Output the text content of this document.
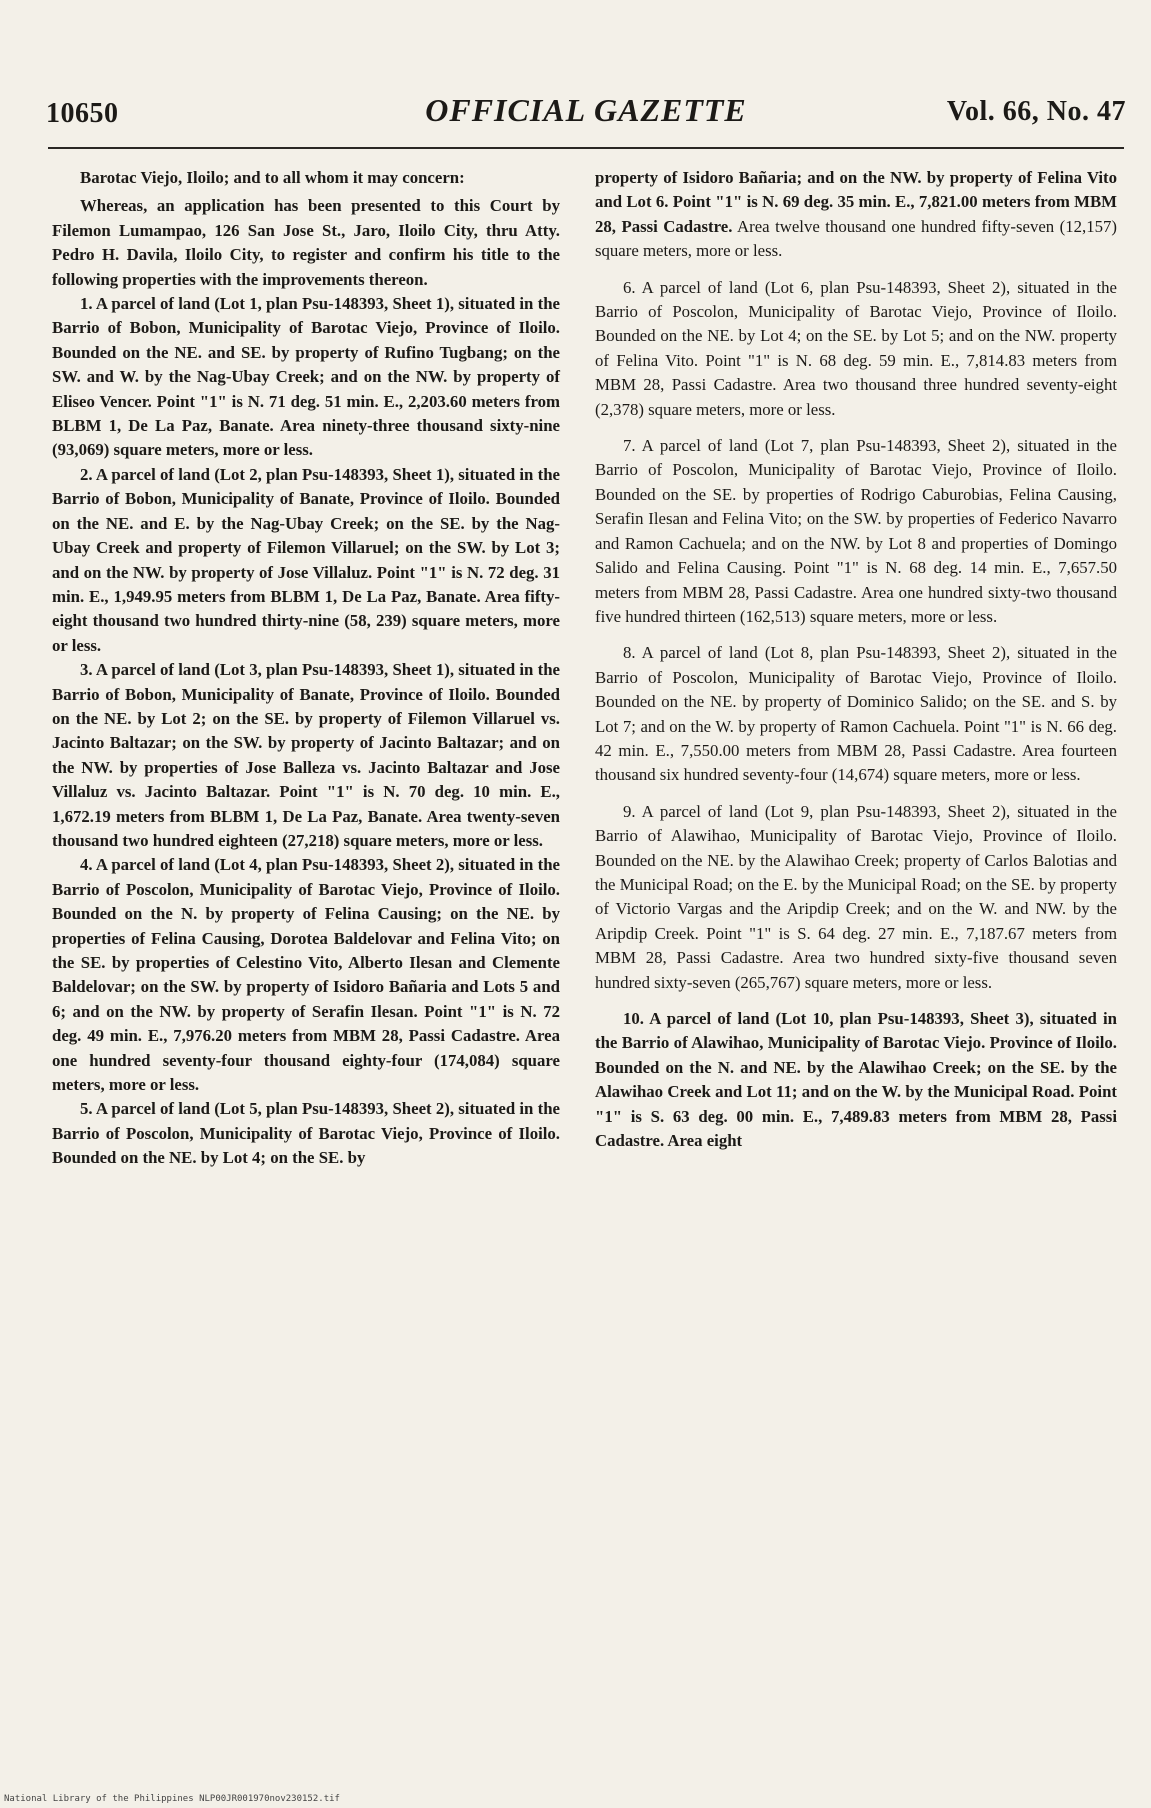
10650	OFFICIAL GAZETTE	Vol. 66, No. 47

Barotac Viejo, Iloilo; and to all whom it may concern:

Whereas, an application has been presented to this Court by Filemon Lumampao, 126 San Jose St., Jaro, Iloilo City, thru Atty. Pedro H. Davila, Iloilo City, to register and confirm his title to the following properties with the improvements thereon.

1. A parcel of land (Lot 1, plan Psu-148393, Sheet 1), situated in the Barrio of Bobon, Municipality of Barotac Viejo, Province of Iloilo. Bounded on the NE. and SE. by property of Rufino Tugbang; on the SW. and W. by the Nag-Ubay Creek; and on the NW. by property of Eliseo Vencer. Point "1" is N. 71 deg. 51 min. E., 2,203.60 meters from BLBM 1, De La Paz, Banate. Area ninety-three thousand sixty-nine (93,069) square meters, more or less.

2. A parcel of land (Lot 2, plan Psu-148393, Sheet 1), situated in the Barrio of Bobon, Municipality of Banate, Province of Iloilo. Bounded on the NE. and E. by the Nag-Ubay Creek; on the SE. by the Nag-Ubay Creek and property of Filemon Villaruel; on the SW. by Lot 3; and on the NW. by property of Jose Villaluz. Point "1" is N. 72 deg. 31 min. E., 1,949.95 meters from BLBM 1, De La Paz, Banate. Area fifty-eight thousand two hundred thirty-nine (58, 239) square meters, more or less.

3. A parcel of land (Lot 3, plan Psu-148393, Sheet 1), situated in the Barrio of Bobon, Municipality of Banate, Province of Iloilo. Bounded on the NE. by Lot 2; on the SE. by property of Filemon Villaruel vs. Jacinto Baltazar; on the SW. by property of Jacinto Baltazar; and on the NW. by properties of Jose Balleza vs. Jacinto Baltazar and Jose Villaluz vs. Jacinto Baltazar. Point "1" is N. 70 deg. 10 min. E., 1,672.19 meters from BLBM 1, De La Paz, Banate. Area twenty-seven thousand two hundred eighteen (27,218) square meters, more or less.

4. A parcel of land (Lot 4, plan Psu-148393, Sheet 2), situated in the Barrio of Poscolon, Municipality of Barotac Viejo, Province of Iloilo. Bounded on the N. by property of Felina Causing; on the NE. by properties of Felina Causing, Dorotea Baldelovar and Felina Vito; on the SE. by properties of Celestino Vito, Alberto Ilesan and Clemente Baldelovar; on the SW. by property of Isidoro Bañaria and Lots 5 and 6; and on the NW. by property of Serafin Ilesan. Point "1" is N. 72 deg. 49 min. E., 7,976.20 meters from MBM 28, Passi Cadastre. Area one hundred seventy-four thousand eighty-four (174,084) square meters, more or less.

5. A parcel of land (Lot 5, plan Psu-148393, Sheet 2), situated in the Barrio of Poscolon, Municipality of Barotac Viejo, Province of Iloilo. Bounded on the NE. by Lot 4; on the SE. by

property of Isidoro Bañaria; and on the NW. by property of Felina Vito and Lot 6. Point "1" is N. 69 deg. 35 min. E., 7,821.00 meters from MBM 28, Passi Cadastre. Area twelve thousand one hundred fifty-seven (12,157) square meters, more or less.

6. A parcel of land (Lot 6, plan Psu-148393, Sheet 2), situated in the Barrio of Poscolon, Municipality of Barotac Viejo, Province of Iloilo. Bounded on the NE. by Lot 4; on the SE. by Lot 5; and on the NW. property of Felina Vito. Point "1" is N. 68 deg. 59 min. E., 7,814.83 meters from MBM 28, Passi Cadastre. Area two thousand three hundred seventy-eight (2,378) square meters, more or less.

7. A parcel of land (Lot 7, plan Psu-148393, Sheet 2), situated in the Barrio of Poscolon, Municipality of Barotac Viejo, Province of Iloilo. Bounded on the SE. by properties of Rodrigo Caburobias, Felina Causing, Serafin Ilesan and Felina Vito; on the SW. by properties of Federico Navarro and Ramon Cachuela; and on the NW. by Lot 8 and properties of Domingo Salido and Felina Causing. Point "1" is N. 68 deg. 14 min. E., 7,657.50 meters from MBM 28, Passi Cadastre. Area one hundred sixty-two thousand five hundred thirteen (162,513) square meters, more or less.

8. A parcel of land (Lot 8, plan Psu-148393, Sheet 2), situated in the Barrio of Poscolon, Municipality of Barotac Viejo, Province of Iloilo. Bounded on the NE. by property of Dominico Salido; on the SE. and S. by Lot 7; and on the W. by property of Ramon Cachuela. Point "1" is N. 66 deg. 42 min. E., 7,550.00 meters from MBM 28, Passi Cadastre. Area fourteen thousand six hundred seventy-four (14,674) square meters, more or less.

9. A parcel of land (Lot 9, plan Psu-148393, Sheet 2), situated in the Barrio of Alawihao, Municipality of Barotac Viejo, Province of Iloilo. Bounded on the NE. by the Alawihao Creek; property of Carlos Balotias and the Municipal Road; on the E. by the Municipal Road; on the SE. by property of Victorio Vargas and the Aripdip Creek; and on the W. and NW. by the Aripdip Creek. Point "1" is S. 64 deg. 27 min. E., 7,187.67 meters from MBM 28, Passi Cadastre. Area two hundred sixty-five thousand seven hundred sixty-seven (265,767) square meters, more or less.

10. A parcel of land (Lot 10, plan Psu-148393, Sheet 3), situated in the Barrio of Alawihao, Municipality of Barotac Viejo. Province of Iloilo. Bounded on the N. and NE. by the Alawihao Creek; on the SE. by the Alawihao Creek and Lot 11; and on the W. by the Municipal Road. Point "1" is S. 63 deg. 00 min. E., 7,489.83 meters from MBM 28, Passi Cadastre. Area eight

National Library of the Philippines NLP00JR001970nov230152.tif
